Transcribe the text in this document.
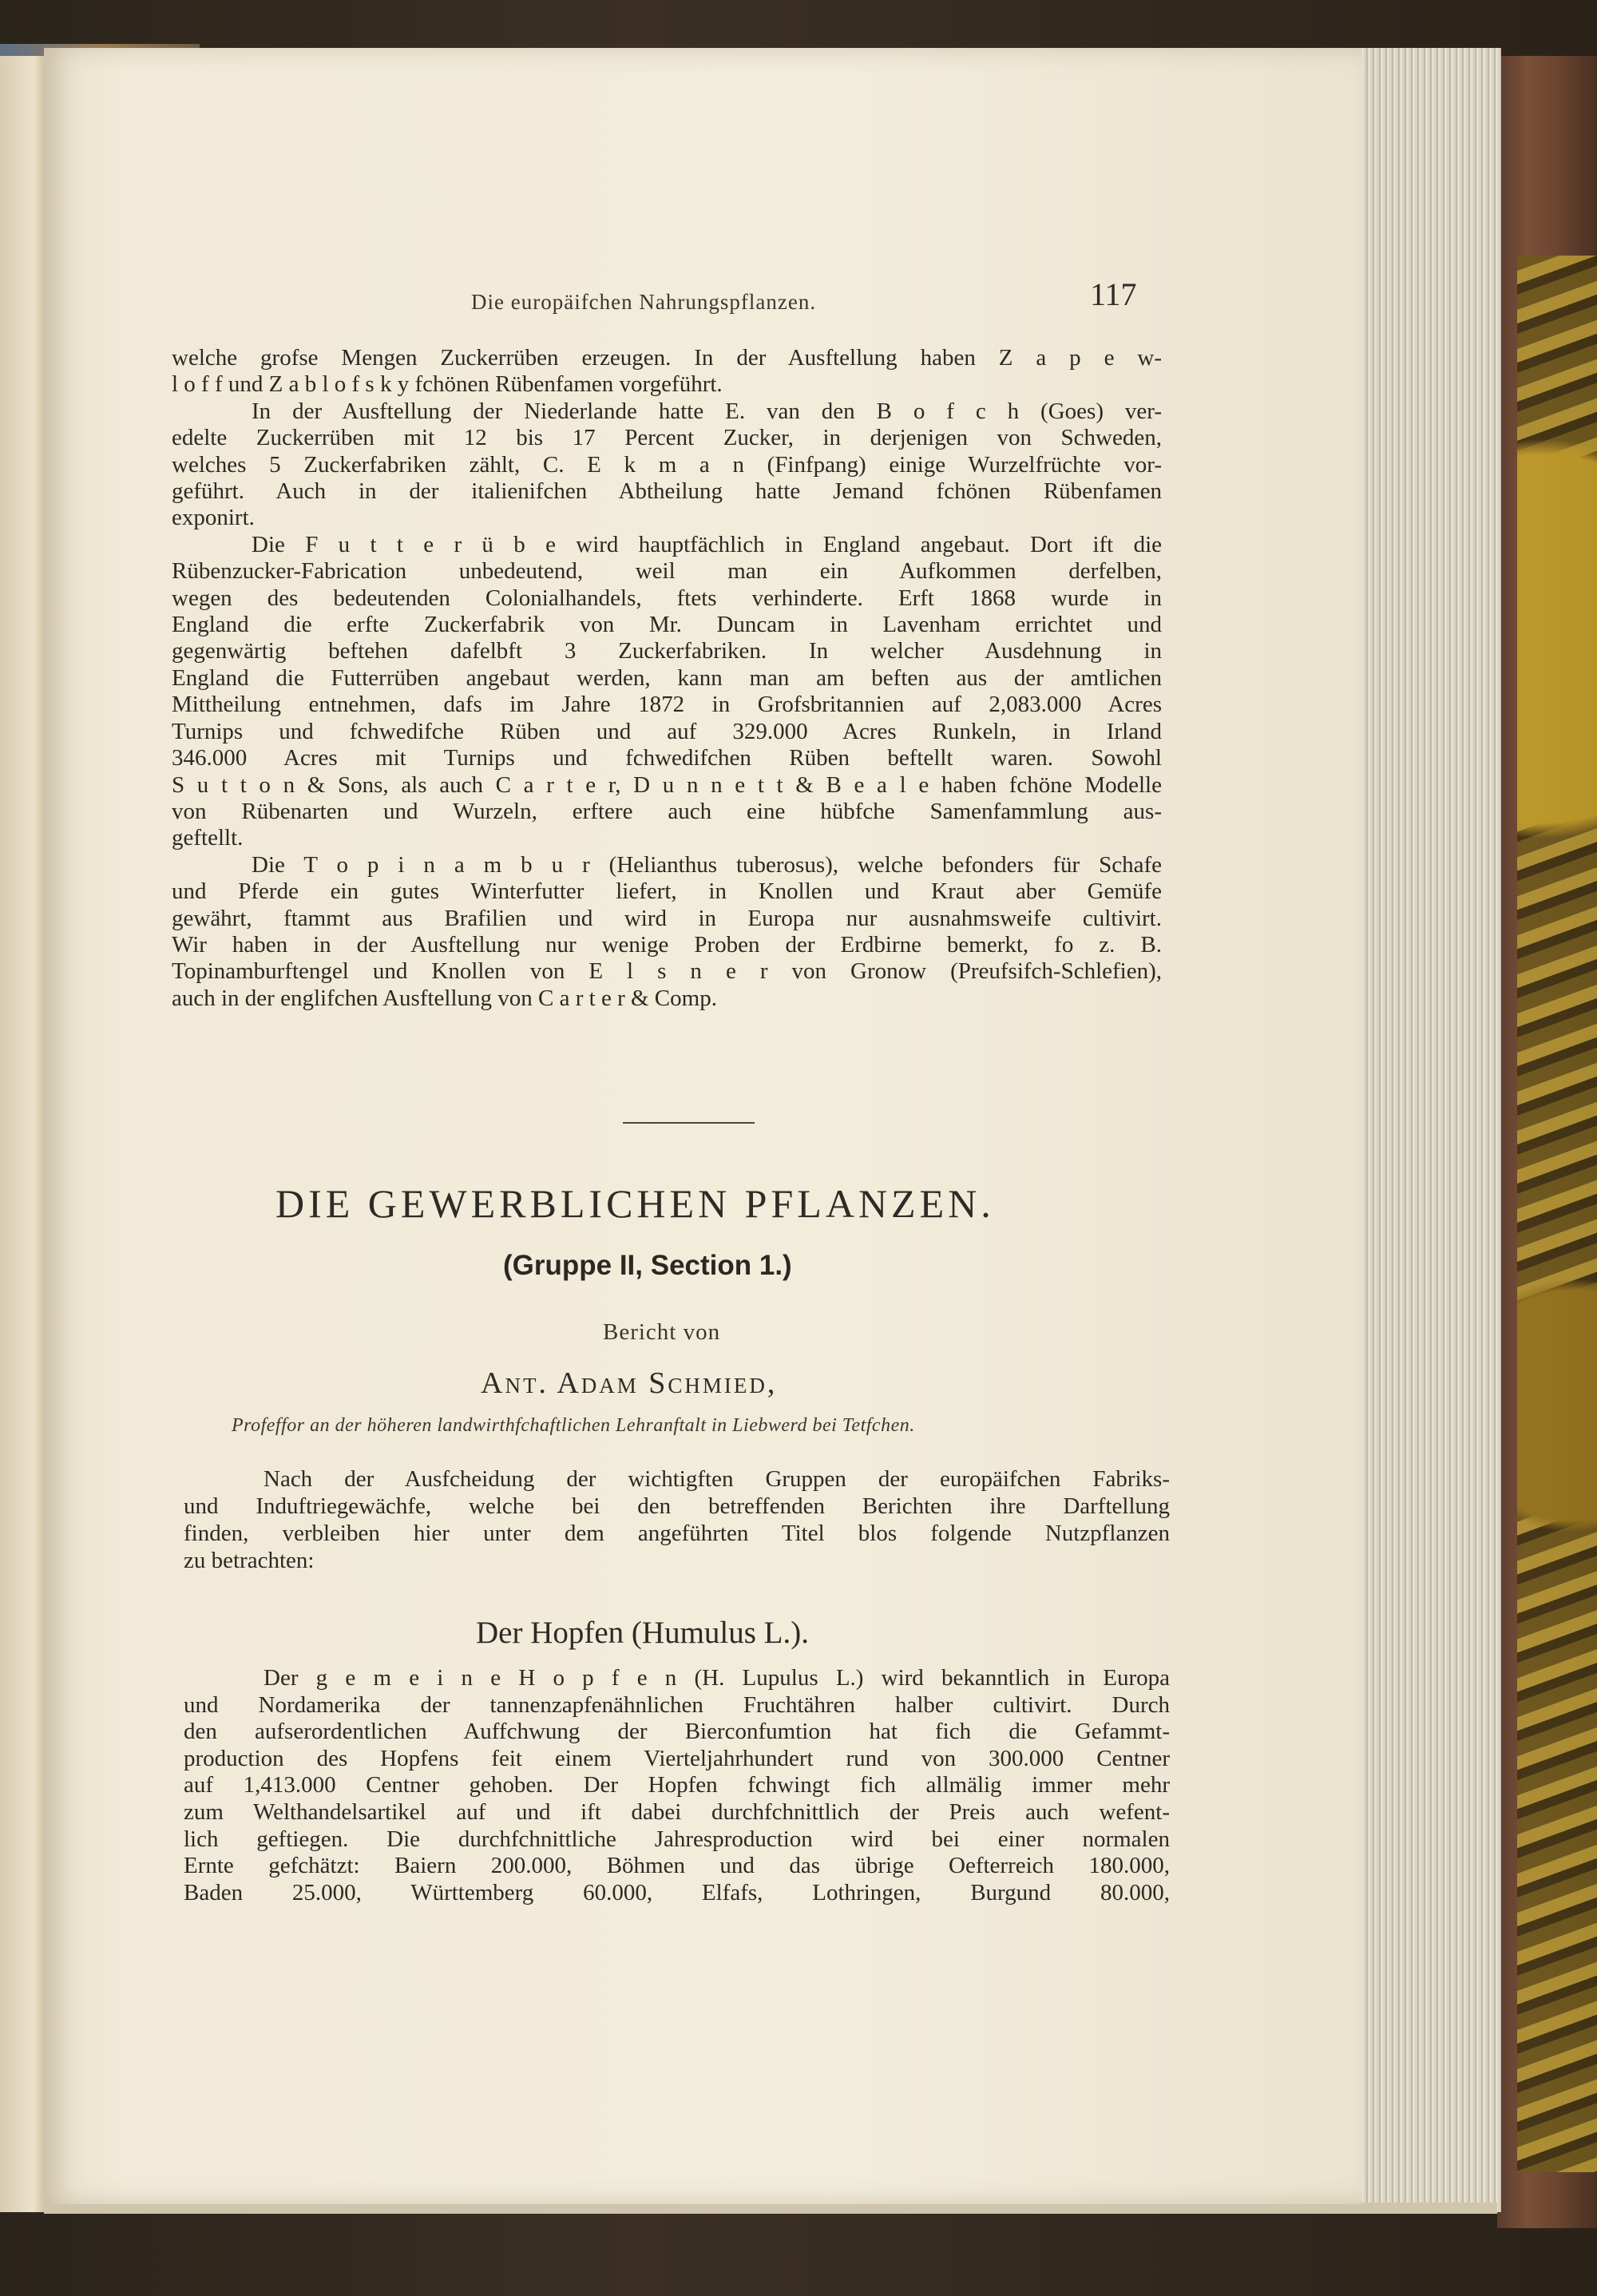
Die europäifchen Nahrungspflanzen.	117
welche grofse Mengen Zuckerrüben erzeugen. In der Ausftellung haben Z a p e w-
l o f f und Z a b l o f s k y fchönen Rübenfamen vorgeführt.
In der Ausftellung der Niederlande hatte E. van den B o f c h (Goes) ver-
edelte Zuckerrüben mit 12 bis 17 Percent Zucker, in derjenigen von Schweden,
welches 5 Zuckerfabriken zählt, C. E k m a n (Finfpang) einige Wurzelfrüchte vor-
geführt. Auch in der italienifchen Abtheilung hatte Jemand fchönen Rübenfamen
exponirt.
Die F u t t e r ü b e wird hauptfächlich in England angebaut. Dort ift die
Rübenzucker-Fabrication unbedeutend, weil man ein Aufkommen derfelben,
wegen des bedeutenden Colonialhandels, ftets verhinderte. Erft 1868 wurde in
England die erfte Zuckerfabrik von Mr. Duncam in Lavenham errichtet und
gegenwärtig beftehen dafelbft 3 Zuckerfabriken. In welcher Ausdehnung in
England die Futterrüben angebaut werden, kann man am beften aus der amtlichen
Mittheilung entnehmen, dafs im Jahre 1872 in Grofsbritannien auf 2,083.000 Acres
Turnips und fchwedifche Rüben und auf 329.000 Acres Runkeln, in Irland
346.000 Acres mit Turnips und fchwedifchen Rüben beftellt waren. Sowohl
S u t t o n & Sons, als auch C a r t e r, D u n n e t t & B e a l e haben fchöne Modelle
von Rübenarten und Wurzeln, erftere auch eine hübfche Samenfammlung aus-
geftellt.
Die T o p i n a m b u r (Helianthus tuberosus), welche befonders für Schafe
und Pferde ein gutes Winterfutter liefert, in Knollen und Kraut aber Gemüfe
gewährt, ftammt aus Brafilien und wird in Europa nur ausnahmsweife cultivirt.
Wir haben in der Ausftellung nur wenige Proben der Erdbirne bemerkt, fo z. B.
Topinamburftengel und Knollen von E l s n e r von Gronow (Preufsifch-Schlefien),
auch in der englifchen Ausftellung von C a r t e r & Comp.
DIE GEWERBLICHEN PFLANZEN.
(Gruppe II, Section 1.)
Bericht von
Ant. Adam Schmied,
Profeffor an der höheren landwirthfchaftlichen Lehranftalt in Liebwerd bei Tetfchen.
Nach der Ausfcheidung der wichtigften Gruppen der europäifchen Fabriks-
und Induftriegewächfe, welche bei den betreffenden Berichten ihre Darftellung
finden, verbleiben hier unter dem angeführten Titel blos folgende Nutzpflanzen
zu betrachten:
Der Hopfen (Humulus L.).
Der g e m e i n e H o p f e n (H. Lupulus L.) wird bekanntlich in Europa
und Nordamerika der tannenzapfenähnlichen Fruchtähren halber cultivirt. Durch
den aufserordentlichen Auffchwung der Bierconfumtion hat fich die Gefammt-
production des Hopfens feit einem Vierteljahrhundert rund von 300.000 Centner
auf 1,413.000 Centner gehoben. Der Hopfen fchwingt fich allmälig immer mehr
zum Welthandelsartikel auf und ift dabei durchfchnittlich der Preis auch wefent-
lich geftiegen. Die durchfchnittliche Jahresproduction wird bei einer normalen
Ernte gefchätzt: Baiern 200.000, Böhmen und das übrige Oefterreich 180.000,
Baden 25.000, Württemberg 60.000, Elfafs, Lothringen, Burgund 80.000,
